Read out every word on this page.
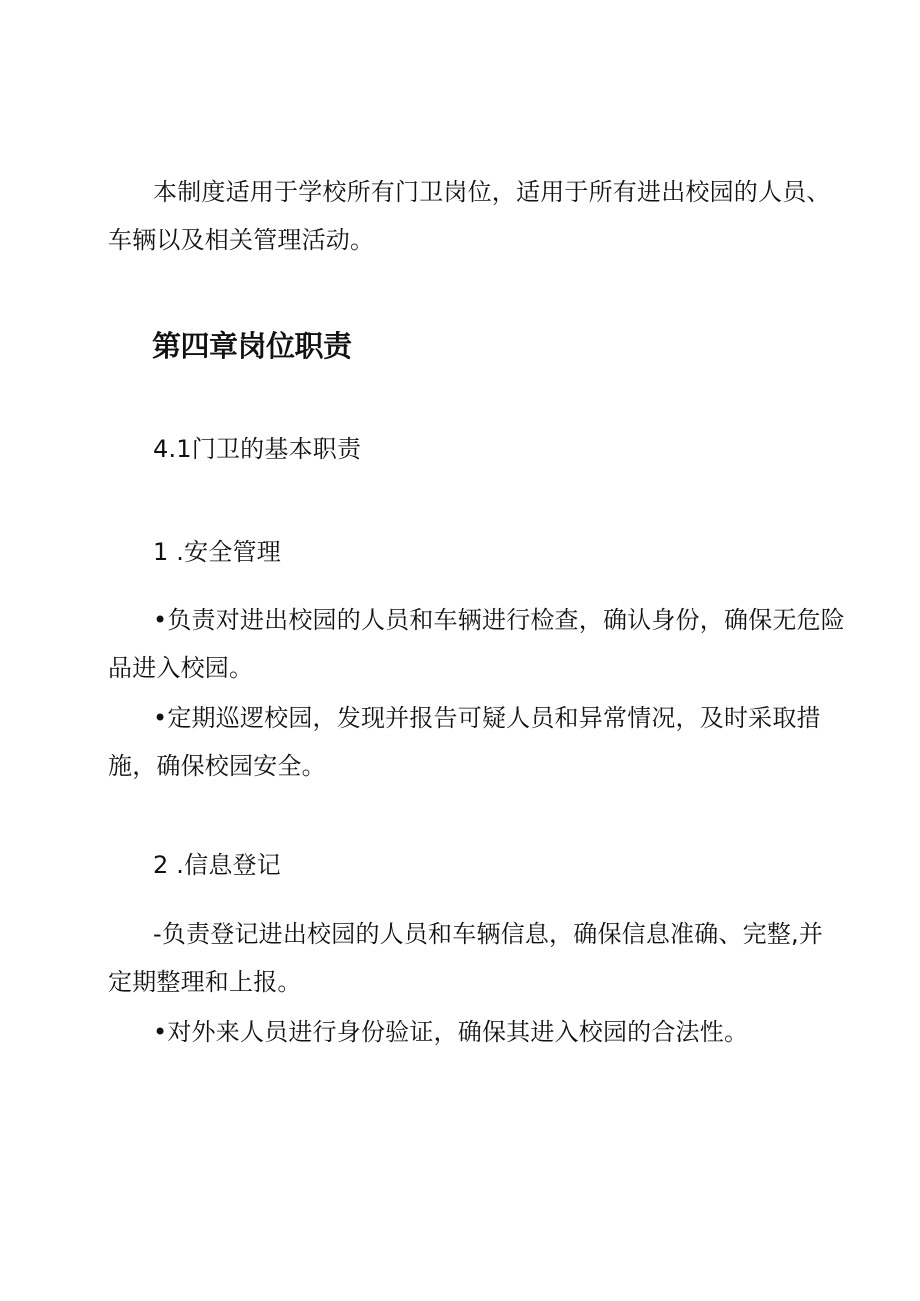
本制度适用于学校所有门卫岗位，适用于所有进出校园的人员、
车辆以及相关管理活动。
第四章岗位职责
4.1门卫的基本职责
1 .安全管理
•负责对进出校园的人员和车辆进行检查，确认身份，确保无危险
品进入校园。
•定期巡逻校园，发现并报告可疑人员和异常情况，及时采取措
施，确保校园安全。
2 .信息登记
-负责登记进出校园的人员和车辆信息，确保信息准确、完整,并
定期整理和上报。
•对外来人员进行身份验证，确保其进入校园的合法性。
